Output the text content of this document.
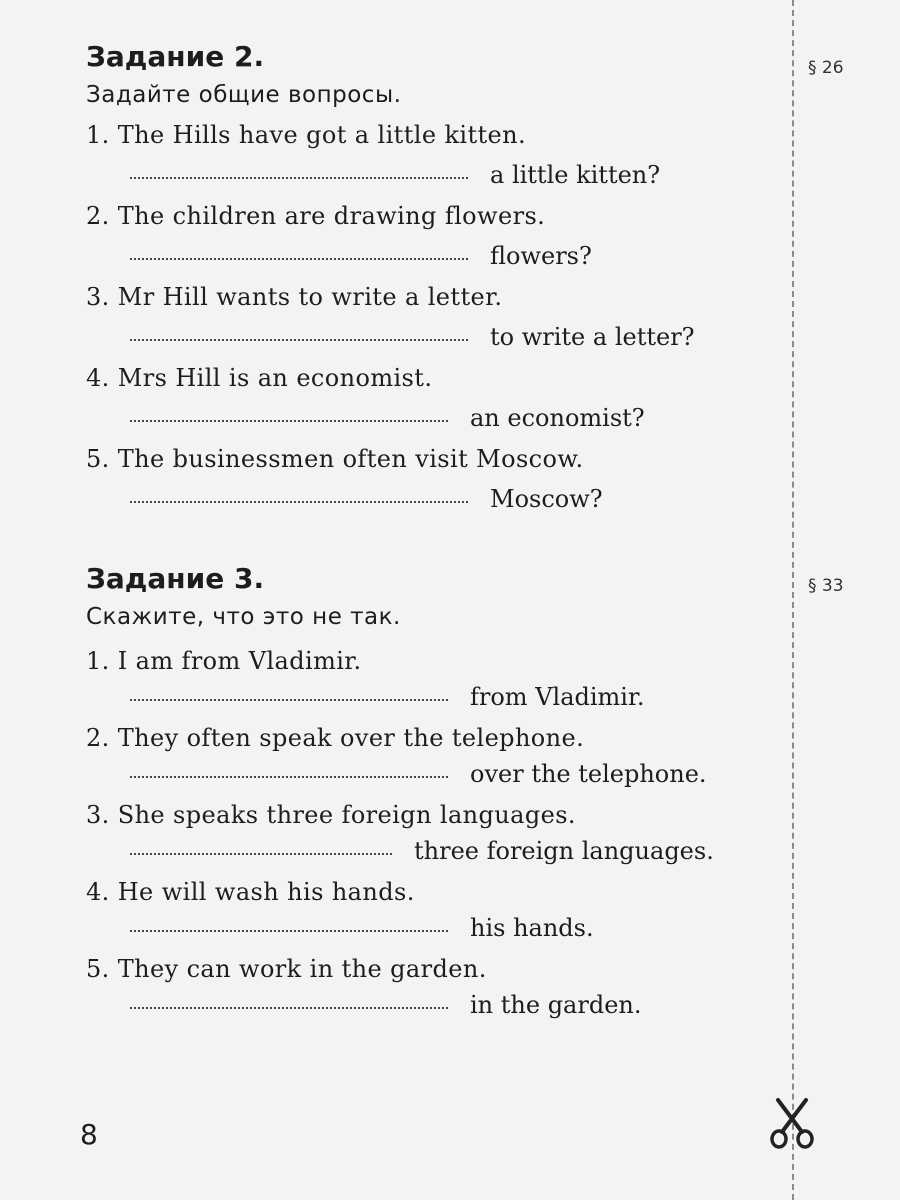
§ 26
§ 33
Задание 2.

Задайте общие вопросы.

1. The Hills have got a little kitten.
a little kitten?
2. The children are drawing flowers.
flowers?
3. Mr Hill wants to write a letter.
to write a letter?
4. Mrs Hill is an economist.
an economist?
5. The businessmen often visit Moscow.
Moscow?
Задание 3.

Скажите, что это не так.

1. I am from Vladimir.
from Vladimir.
2. They often speak over the telephone.
over the telephone.
3. She speaks three foreign languages.
three foreign languages.
4. He will wash his hands.
his hands.
5. They can work in the garden.
in the garden.
8
